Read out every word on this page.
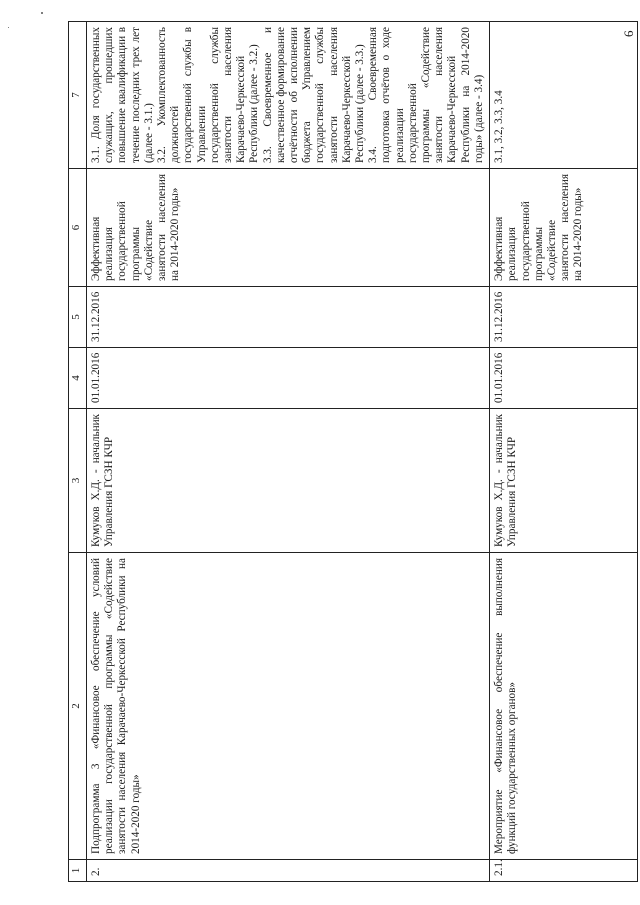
6
1	2	3	4	5	6	7
2.	Подпрограмма 3 «Финансовое обеспечение условий реализации государственной программы «Содействие занятости населения Карачаево-Черкесской Республики на 2014-2020 годы»	Кумуков Х.Д. - начальник Управления ГСЗН КЧР	01.01.2016	31.12.2016	Эффективная реализация государственной программы «Содействие занятости населения на 2014-2020 годы»	3.1. Доля государственных служащих, прошедших повышение квалификации в течение последних трех лет (далее - 3.1.)
3.2. Укомплектованность должностей государственной службы в Управлении государственной службы занятости населения Карачаево-Черкесской Республики (далее - 3.2.)
3.3. Своевременное и качественное формирование отчётности об исполнении бюджета Управлением государственной службы занятости населения Карачаево-Черкесской Республики (далее - 3.3.)
3.4. Своевременная подготовка отчётов о ходе реализации государственной программы «Содействие занятости населения Карачаево-Черкесской Республики на 2014-2020 годы» (далее - 3.4)
2.1.	Мероприятие «Финансовое обеспечение выполнения функций государственных органов»	Кумуков Х.Д. - начальник Управления ГСЗН КЧР	01.01.2016	31.12.2016	Эффективная реализация государственной программы «Содействие занятости населения на 2014-2020 годы»	3.1, 3.2, 3.3, 3.4
